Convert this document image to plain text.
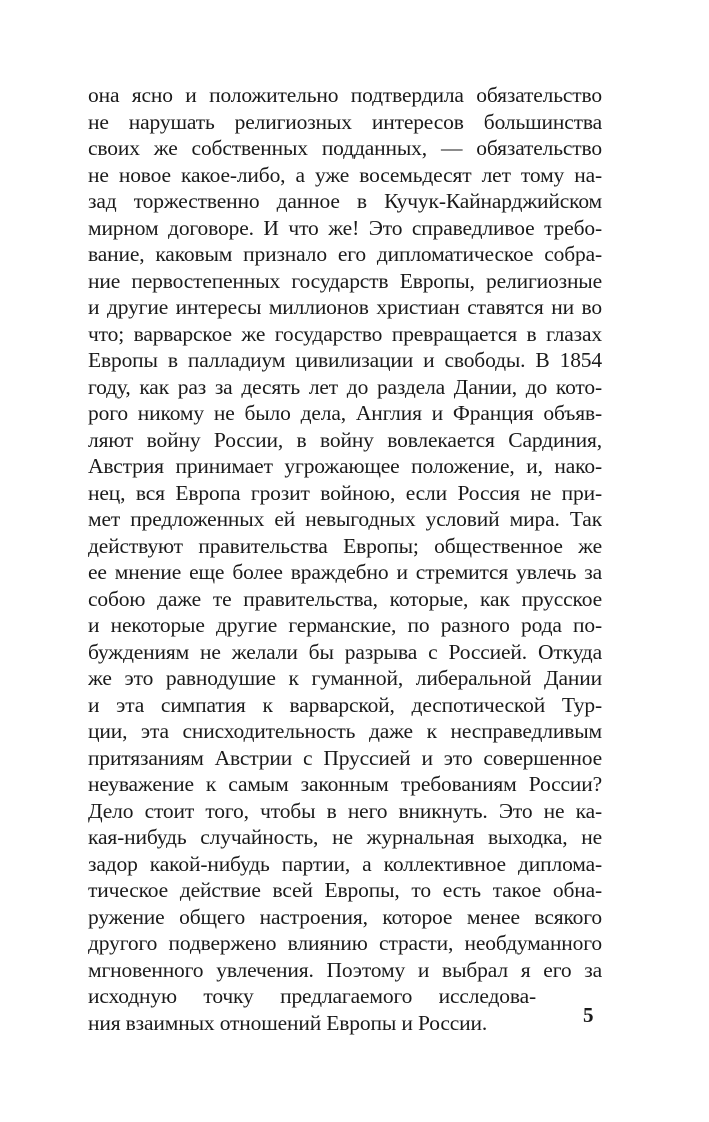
она ясно и положительно подтвердила обязательство
не нарушать религиозных интересов большинства
своих же собственных подданных, — обязательство
не новое какое-либо, а уже восемьдесят лет тому на-
зад торжественно данное в Кучук-Кайнарджийском
мирном договоре. И что же! Это справедливое требо-
вание, каковым признало его дипломатическое собра-
ние первостепенных государств Европы, религиозные
и другие интересы миллионов христиан ставятся ни во
что; варварское же государство превращается в глазах
Европы в палладиум цивилизации и свободы. В 1854
году, как раз за десять лет до раздела Дании, до кото-
рого никому не было дела, Англия и Франция объяв-
ляют войну России, в войну вовлекается Сардиния,
Австрия принимает угрожающее положение, и, нако-
нец, вся Европа грозит войною, если Россия не при-
мет предложенных ей невыгодных условий мира. Так
действуют правительства Европы; общественное же
ее мнение еще более враждебно и стремится увлечь за
собою даже те правительства, которые, как прусское
и некоторые другие германские, по разного рода по-
буждениям не желали бы разрыва с Россией. Откуда
же это равнодушие к гуманной, либеральной Дании
и эта симпатия к варварской, деспотической Тур-
ции, эта снисходительность даже к несправедливым
притязаниям Австрии с Пруссией и это совершенное
неуважение к самым законным требованиям России?
Дело стоит того, чтобы в него вникнуть. Это не ка-
кая-нибудь случайность, не журнальная выходка, не
задор какой-нибудь партии, а коллективное диплома-
тическое действие всей Европы, то есть такое обна-
ружение общего настроения, которое менее всякого
другого подвержено влиянию страсти, необдуманного
мгновенного увлечения. Поэтому и выбрал я его за
исходную точку предлагаемого исследова-
ния взаимных отношений Европы и России.	5
